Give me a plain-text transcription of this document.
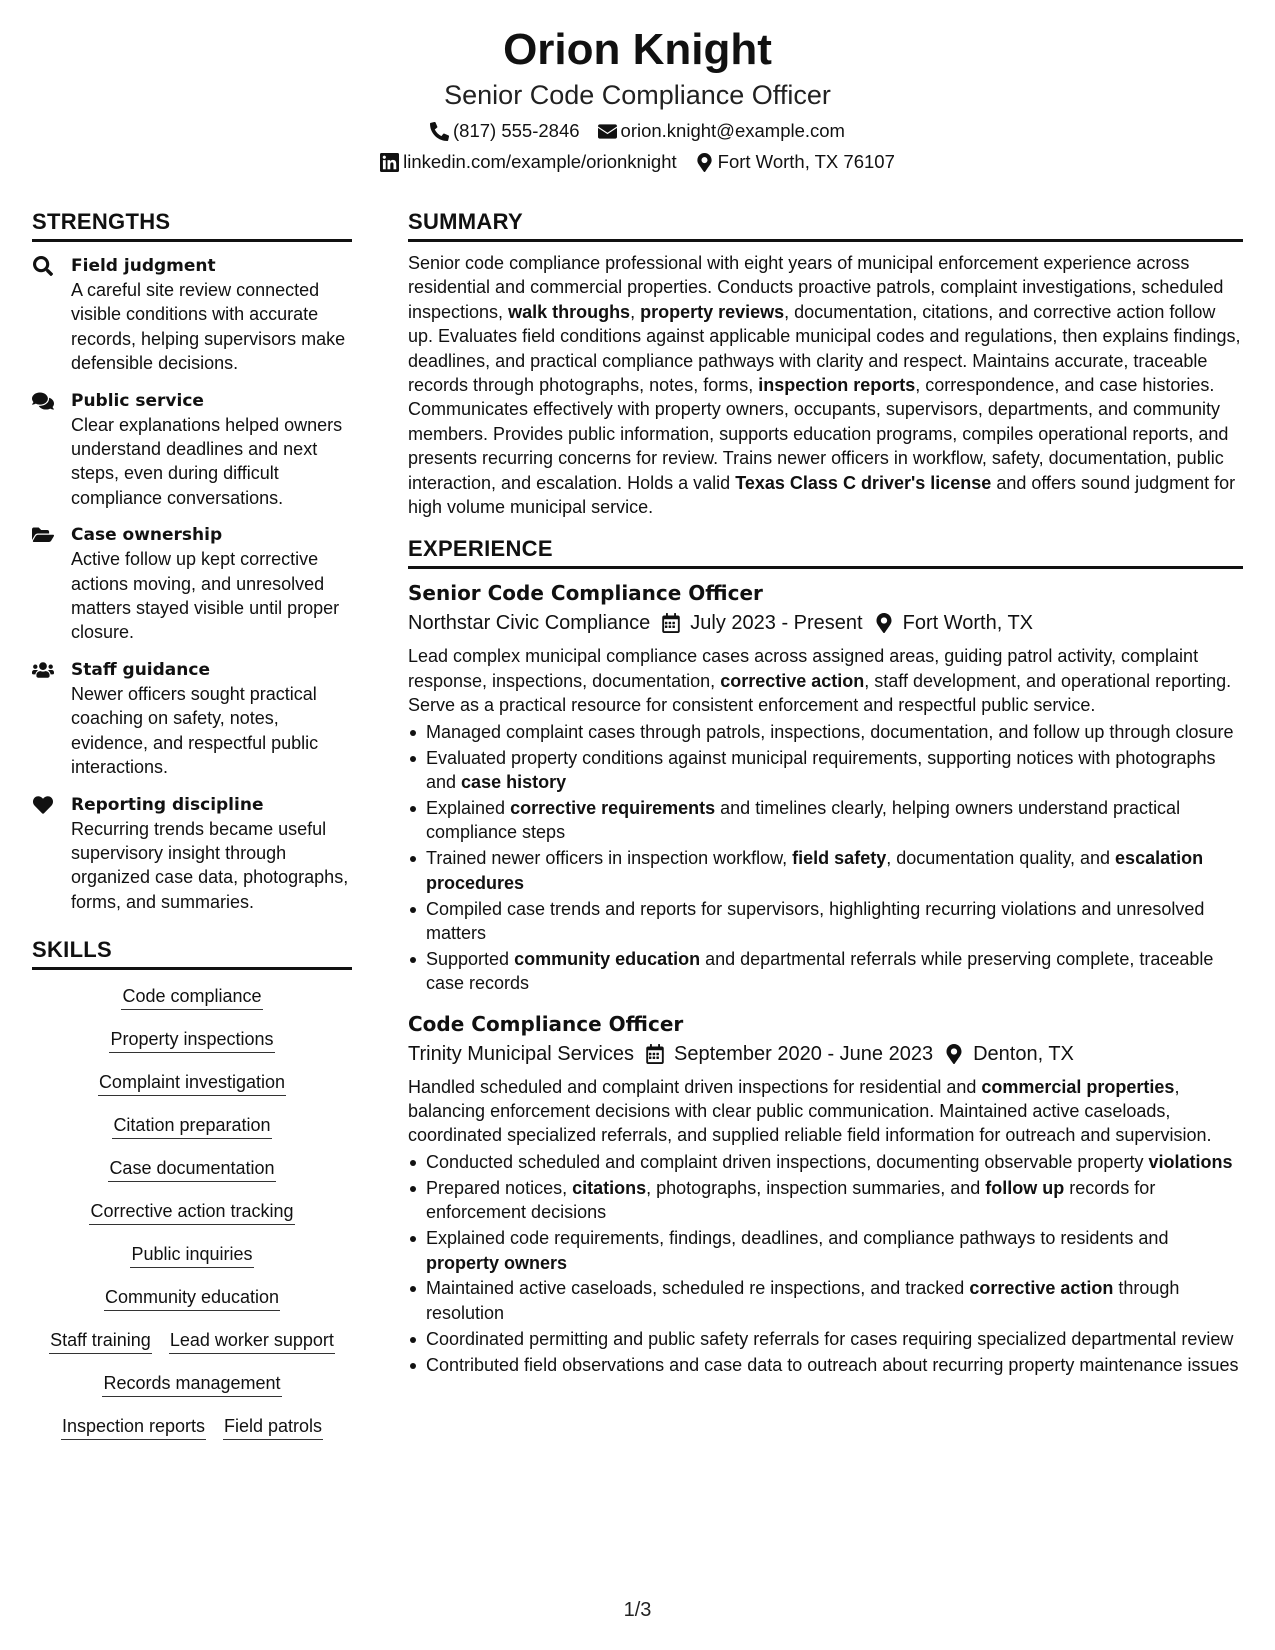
Orion Knight
Senior Code Compliance Officer
(817) 555-2846 orion.knight@example.com
linkedin.com/example/orionknight Fort Worth, TX 76107
STRENGTHS
Field judgment
A careful site review connected visible conditions with accurate records, helping supervisors make defensible decisions.
Public service
Clear explanations helped owners understand deadlines and next steps, even during difficult compliance conversations.
Case ownership
Active follow up kept corrective actions moving, and unresolved matters stayed visible until proper closure.
Staff guidance
Newer officers sought practical coaching on safety, notes, evidence, and respectful public interactions.
Reporting discipline
Recurring trends became useful supervisory insight through organized case data, photographs, forms, and summaries.
SKILLS
Code compliance
Property inspections
Complaint investigation
Citation preparation
Case documentation
Corrective action tracking
Public inquiries
Community education
Staff training Lead worker support
Records management
Inspection reports Field patrols
SUMMARY
Senior code compliance professional with eight years of municipal enforcement experience across residential and commercial properties. Conducts proactive patrols, complaint investigations, scheduled inspections, walk throughs, property reviews, documentation, citations, and corrective action follow up. Evaluates field conditions against applicable municipal codes and regulations, then explains findings, deadlines, and practical compliance pathways with clarity and respect. Maintains accurate, traceable records through photographs, notes, forms, inspection reports, correspondence, and case histories. Communicates effectively with property owners, occupants, supervisors, departments, and community members. Provides public information, supports education programs, compiles operational reports, and presents recurring concerns for review. Trains newer officers in workflow, safety, documentation, public interaction, and escalation. Holds a valid Texas Class C driver's license and offers sound judgment for high volume municipal service.
EXPERIENCE
Senior Code Compliance Officer
Northstar Civic Compliance July 2023 - Present Fort Worth, TX
Lead complex municipal compliance cases across assigned areas, guiding patrol activity, complaint response, inspections, documentation, corrective action, staff development, and operational reporting. Serve as a practical resource for consistent enforcement and respectful public service.
Managed complaint cases through patrols, inspections, documentation, and follow up through closure
Evaluated property conditions against municipal requirements, supporting notices with photographs and case history
Explained corrective requirements and timelines clearly, helping owners understand practical compliance steps
Trained newer officers in inspection workflow, field safety, documentation quality, and escalation procedures
Compiled case trends and reports for supervisors, highlighting recurring violations and unresolved matters
Supported community education and departmental referrals while preserving complete, traceable case records
Code Compliance Officer
Trinity Municipal Services September 2020 - June 2023 Denton, TX
Handled scheduled and complaint driven inspections for residential and commercial properties, balancing enforcement decisions with clear public communication. Maintained active caseloads, coordinated specialized referrals, and supplied reliable field information for outreach and supervision.
Conducted scheduled and complaint driven inspections, documenting observable property violations
Prepared notices, citations, photographs, inspection summaries, and follow up records for enforcement decisions
Explained code requirements, findings, deadlines, and compliance pathways to residents and property owners
Maintained active caseloads, scheduled re inspections, and tracked corrective action through resolution
Coordinated permitting and public safety referrals for cases requiring specialized departmental review
Contributed field observations and case data to outreach about recurring property maintenance issues
1/3
